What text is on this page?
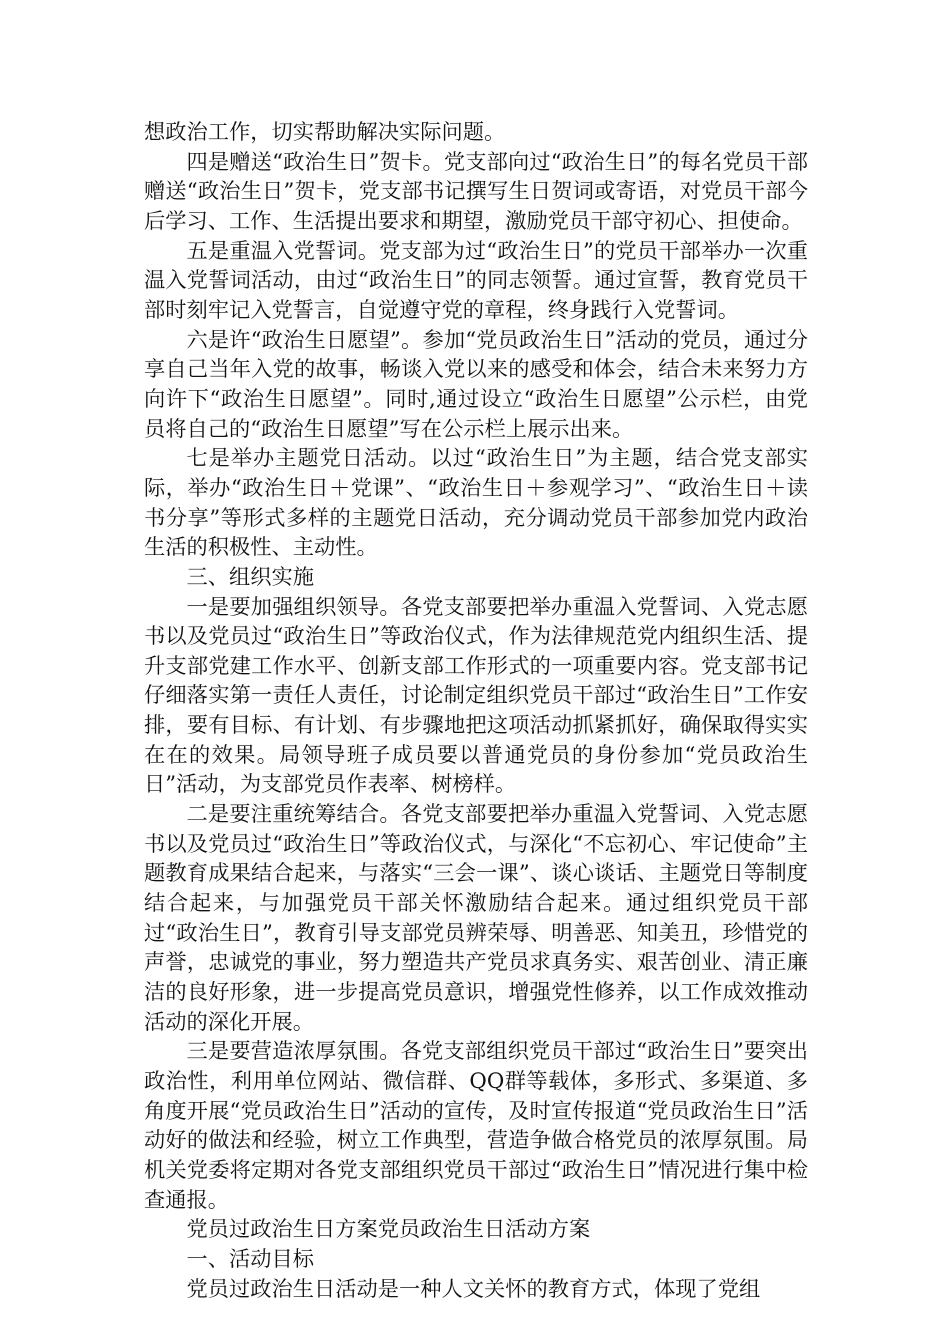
想政治工作，切实帮助解决实际问题。

四是赠送“政治生日”贺卡。党支部向过“政治生日”的每名党员干部赠送“政治生日”贺卡，党支部书记撰写生日贺词或寄语，对党员干部今后学习、工作、生活提出要求和期望，激励党员干部守初心、担使命。

五是重温入党誓词。党支部为过“政治生日”的党员干部举办一次重温入党誓词活动，由过“政治生日”的同志领誓。通过宣誓，教育党员干部时刻牢记入党誓言，自觉遵守党的章程，终身践行入党誓词。

六是许“政治生日愿望”。参加“党员政治生日”活动的党员，通过分享自己当年入党的故事，畅谈入党以来的感受和体会，结合未来努力方向许下“政治生日愿望”。同时,通过设立“政治生日愿望”公示栏，由党员将自己的“政治生日愿望”写在公示栏上展示出来。

七是举办主题党日活动。以过“政治生日”为主题，结合党支部实际，举办“政治生日＋党课”、“政治生日＋参观学习”、“政治生日＋读书分享”等形式多样的主题党日活动，充分调动党员干部参加党内政治生活的积极性、主动性。

三、组织实施

一是要加强组织领导。各党支部要把举办重温入党誓词、入党志愿书以及党员过“政治生日”等政治仪式，作为法律规范党内组织生活、提升支部党建工作水平、创新支部工作形式的一项重要内容。党支部书记仔细落实第一责任人责任，讨论制定组织党员干部过“政治生日”工作安排，要有目标、有计划、有步骤地把这项活动抓紧抓好，确保取得实实在在的效果。局领导班子成员要以普通党员的身份参加“党员政治生日”活动，为支部党员作表率、树榜样。

二是要注重统筹结合。各党支部要把举办重温入党誓词、入党志愿书以及党员过“政治生日”等政治仪式，与深化“不忘初心、牢记使命”主题教育成果结合起来，与落实“三会一课”、谈心谈话、主题党日等制度结合起来，与加强党员干部关怀激励结合起来。通过组织党员干部过“政治生日”，教育引导支部党员辨荣辱、明善恶、知美丑，珍惜党的声誉，忠诚党的事业，努力塑造共产党员求真务实、艰苦创业、清正廉洁的良好形象，进一步提高党员意识，增强党性修养，以工作成效推动活动的深化开展。

三是要营造浓厚氛围。各党支部组织党员干部过“政治生日”要突出政治性，利用单位网站、微信群、QQ群等载体，多形式、多渠道、多角度开展“党员政治生日”活动的宣传，及时宣传报道“党员政治生日”活动好的做法和经验，树立工作典型，营造争做合格党员的浓厚氛围。局机关党委将定期对各党支部组织党员干部过“政治生日”情况进行集中检查通报。

党员过政治生日方案党员政治生日活动方案

一、活动目标

党员过政治生日活动是一种人文关怀的教育方式，体现了党组
